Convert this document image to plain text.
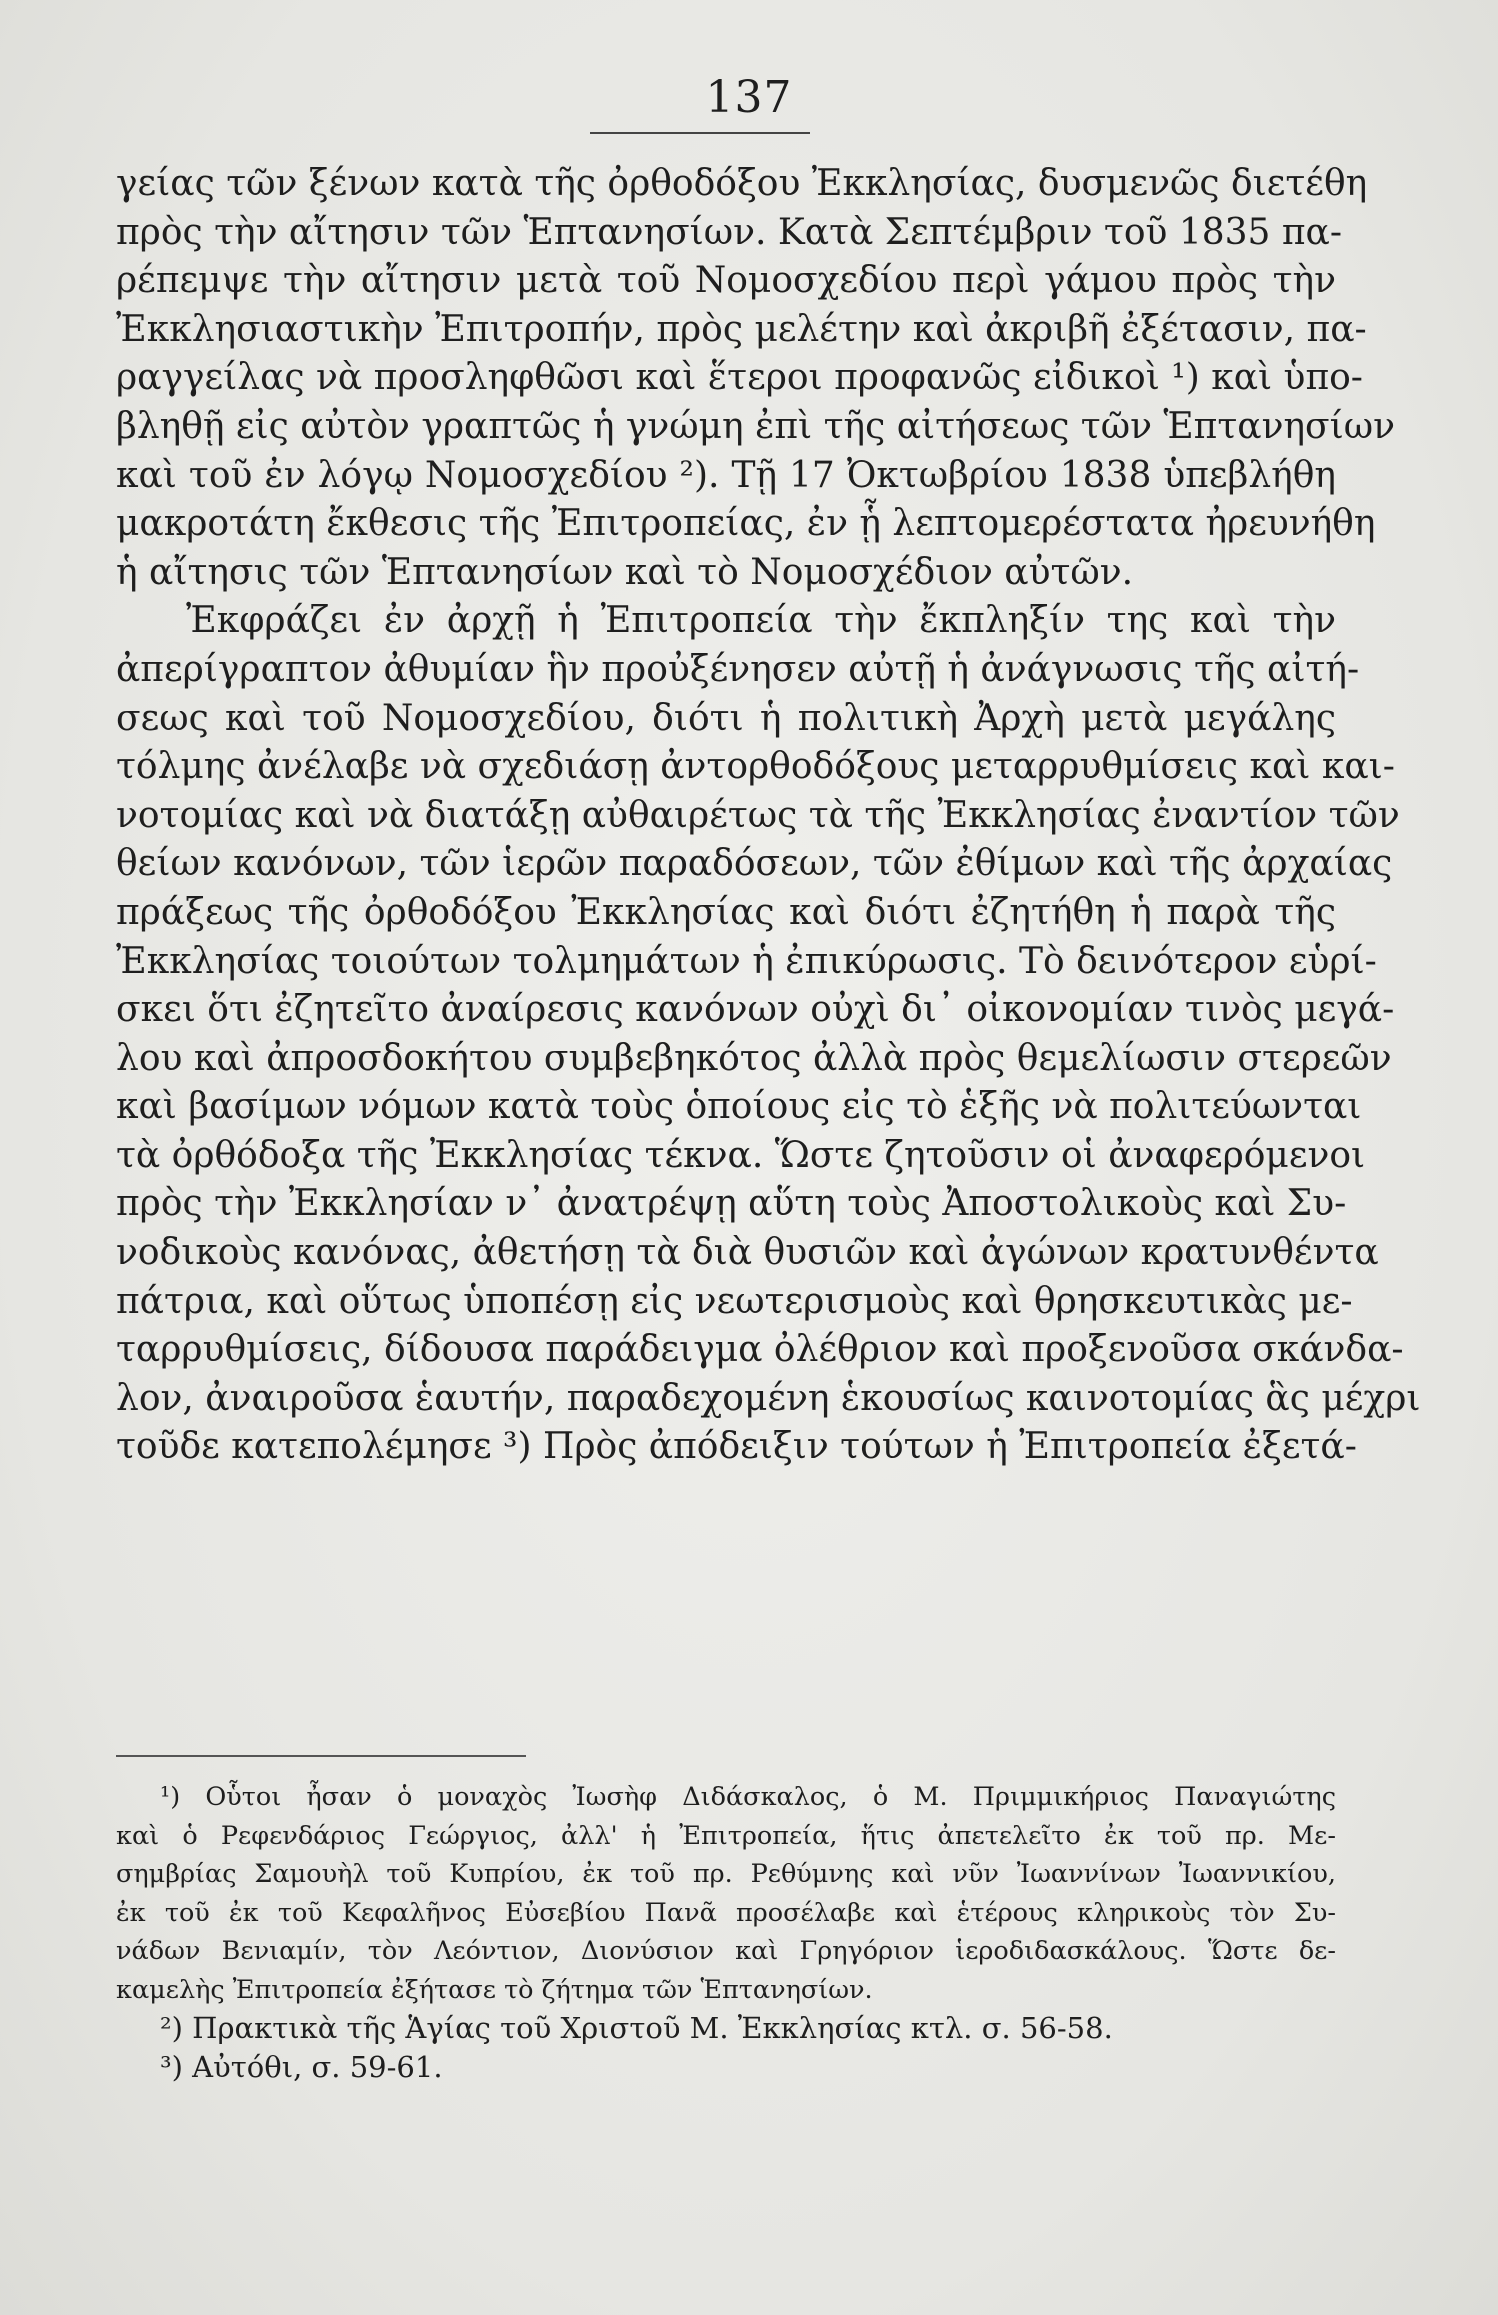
137
γείας τῶν ξένων κατὰ τῆς ὀρθοδόξου Ἐκκλησίας, δυσμενῶς διετέθη
πρὸς τὴν αἴτησιν τῶν Ἑπτανησίων. Κατὰ Σεπτέμβριν τοῦ 1835 πα-
ρέπεμψε τὴν αἴτησιν μετὰ τοῦ Νομοσχεδίου περὶ γάμου πρὸς τὴν
Ἐκκλησιαστικὴν Ἐπιτροπήν, πρὸς μελέτην καὶ ἀκριβῆ ἐξέτασιν, πα-
ραγγείλας νὰ προσληφθῶσι καὶ ἕτεροι προφανῶς εἰδικοὶ ¹) καὶ ὑπο-
βληθῇ εἰς αὐτὸν γραπτῶς ἡ γνώμη ἐπὶ τῆς αἰτήσεως τῶν Ἑπτανησίων
καὶ τοῦ ἐν λόγῳ Νομοσχεδίου ²). Τῇ 17 Ὀκτωβρίου 1838 ὑπεβλήθη
μακροτάτη ἔκθεσις τῆς Ἐπιτροπείας, ἐν ᾗ λεπτομερέστατα ἠρευνήθη
ἡ αἴτησις τῶν Ἑπτανησίων καὶ τὸ Νομοσχέδιον αὐτῶν.
Ἐκφράζει ἐν ἀρχῇ ἡ Ἐπιτροπεία τὴν ἔκπληξίν της καὶ τὴν
ἀπερίγραπτον ἀθυμίαν ἣν προὐξένησεν αὐτῇ ἡ ἀνάγνωσις τῆς αἰτή-
σεως καὶ τοῦ Νομοσχεδίου, διότι ἡ πολιτικὴ Ἀρχὴ μετὰ μεγάλης
τόλμης ἀνέλαβε νὰ σχεδιάσῃ ἀντορθοδόξους μεταρρυθμίσεις καὶ και-
νοτομίας καὶ νὰ διατάξῃ αὐθαιρέτως τὰ τῆς Ἐκκλησίας ἐναντίον τῶν
θείων κανόνων, τῶν ἱερῶν παραδόσεων, τῶν ἐθίμων καὶ τῆς ἀρχαίας
πράξεως τῆς ὀρθοδόξου Ἐκκλησίας καὶ διότι ἐζητήθη ἡ παρὰ τῆς
Ἐκκλησίας τοιούτων τολμημάτων ἡ ἐπικύρωσις. Τὸ δεινότερον εὑρί-
σκει ὅτι ἐζητεῖτο ἀναίρεσις κανόνων οὐχὶ δι᾽ οἰκονομίαν τινὸς μεγά-
λου καὶ ἀπροσδοκήτου συμβεβηκότος ἀλλὰ πρὸς θεμελίωσιν στερεῶν
καὶ βασίμων νόμων κατὰ τοὺς ὁποίους εἰς τὸ ἑξῆς νὰ πολιτεύωνται
τὰ ὀρθόδοξα τῆς Ἐκκλησίας τέκνα. Ὥστε ζητοῦσιν οἱ ἀναφερόμενοι
πρὸς τὴν Ἐκκλησίαν ν᾽ ἀνατρέψῃ αὕτη τοὺς Ἀποστολικοὺς καὶ Συ-
νοδικοὺς κανόνας, ἀθετήσῃ τὰ διὰ θυσιῶν καὶ ἀγώνων κρατυνθέντα
πάτρια, καὶ οὕτως ὑποπέσῃ εἰς νεωτερισμοὺς καὶ θρησκευτικὰς με-
ταρρυθμίσεις, δίδουσα παράδειγμα ὀλέθριον καὶ προξενοῦσα σκάνδα-
λον, ἀναιροῦσα ἑαυτήν, παραδεχομένη ἑκουσίως καινοτομίας ἃς μέχρι
τοῦδε κατεπολέμησε ³) Πρὸς ἀπόδειξιν τούτων ἡ Ἐπιτροπεία ἐξετά-
¹) Οὗτοι ἦσαν ὁ μοναχὸς Ἰωσὴφ Διδάσκαλος, ὁ Μ. Πριμμικήριος Παναγιώτης
καὶ ὁ Ρεφενδάριος Γεώργιος, ἀλλ' ἡ Ἐπιτροπεία, ἥτις ἀπετελεῖτο ἐκ τοῦ πρ. Με-
σημβρίας Σαμουὴλ τοῦ Κυπρίου, ἐκ τοῦ πρ. Ρεθύμνης καὶ νῦν Ἰωαννίνων Ἰωαννικίου,
ἐκ τοῦ ἐκ τοῦ Κεφαλῆνος Εὐσεβίου Πανᾶ προσέλαβε καὶ ἑτέρους κληρικοὺς τὸν Συ-
νάδων Βενιαμίν, τὸν Λεόντιον, Διονύσιον καὶ Γρηγόριον ἱεροδιδασκάλους. Ὥστε δε-
καμελὴς Ἐπιτροπεία ἐξήτασε τὸ ζήτημα τῶν Ἑπτανησίων.
²) Πρακτικὰ τῆς Ἁγίας τοῦ Χριστοῦ Μ. Ἐκκλησίας κτλ. σ. 56-58.
³) Αὐτόθι, σ. 59-61.
